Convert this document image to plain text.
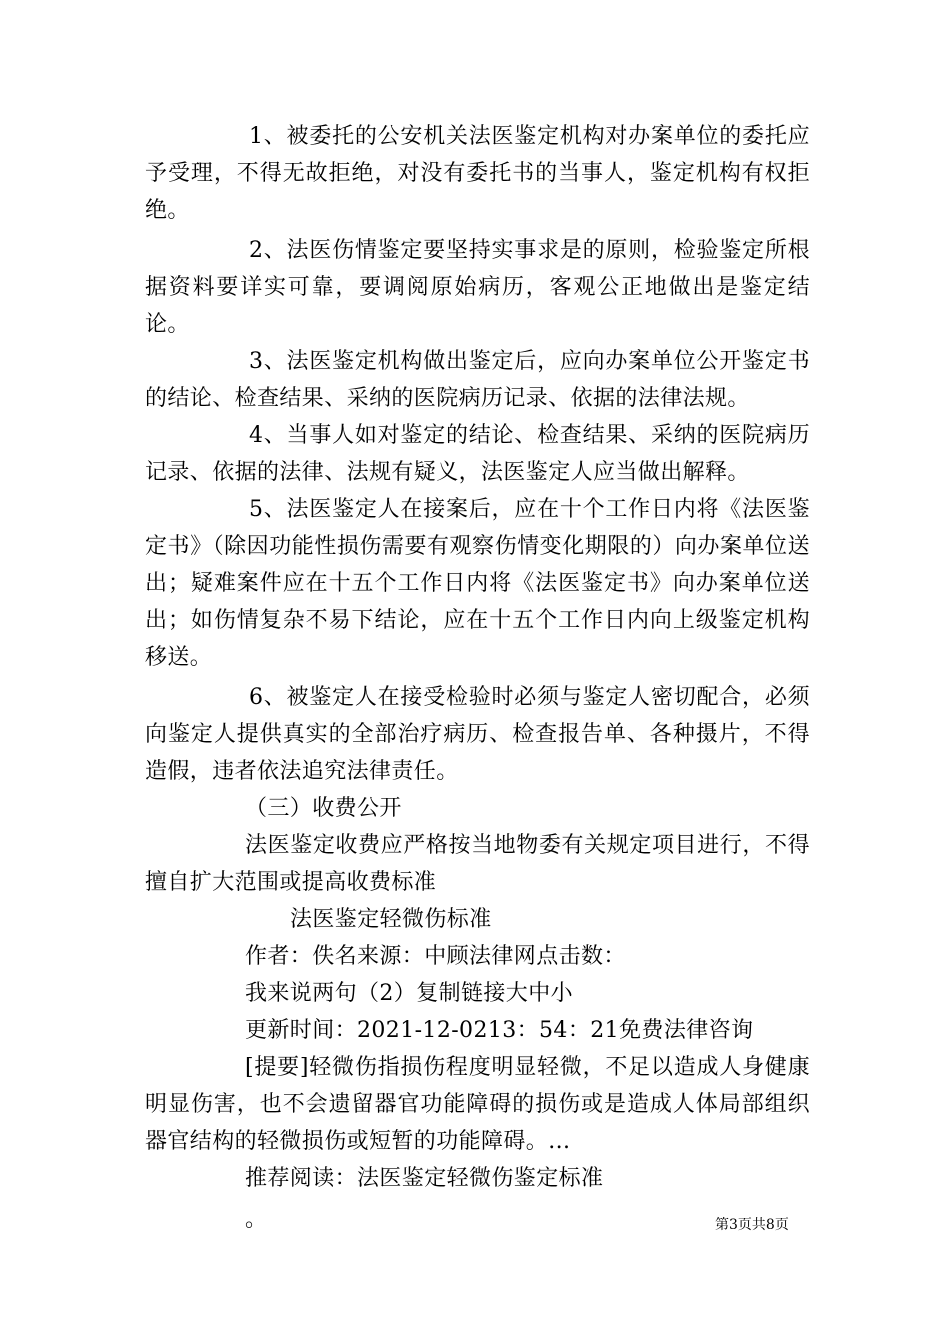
1、被委托的公安机关法医鉴定机构对办案单位的委托应予受理，不得无故拒绝，对没有委托书的当事人，鉴定机构有权拒绝。

2、法医伤情鉴定要坚持实事求是的原则，检验鉴定所根据资料要详实可靠，要调阅原始病历，客观公正地做出是鉴定结论。

3、法医鉴定机构做出鉴定后，应向办案单位公开鉴定书的结论、检查结果、采纳的医院病历记录、依据的法律法规。

4、当事人如对鉴定的结论、检查结果、采纳的医院病历记录、依据的法律、法规有疑义，法医鉴定人应当做出解释。

5、法医鉴定人在接案后，应在十个工作日内将《法医鉴定书》（除因功能性损伤需要有观察伤情变化期限的）向办案单位送出；疑难案件应在十五个工作日内将《法医鉴定书》向办案单位送出；如伤情复杂不易下结论，应在十五个工作日内向上级鉴定机构移送。

6、被鉴定人在接受检验时必须与鉴定人密切配合，必须向鉴定人提供真实的全部治疗病历、检查报告单、各种摄片，不得造假，违者依法追究法律责任。

（三）收费公开

法医鉴定收费应严格按当地物委有关规定项目进行，不得擅自扩大范围或提高收费标准

法医鉴定轻微伤标准

作者：佚名来源：中顾法律网点击数：

我来说两句（2）复制链接大中小

更新时间：2021-12-0213：54：21免费法律咨询

[提要]轻微伤指损伤程度明显轻微，不足以造成人身健康明显伤害，也不会遗留器官功能障碍的损伤或是造成人体局部组织器官结构的轻微损伤或短暂的功能障碍。...

推荐阅读：法医鉴定轻微伤鉴定标准

。	第3页共8页
